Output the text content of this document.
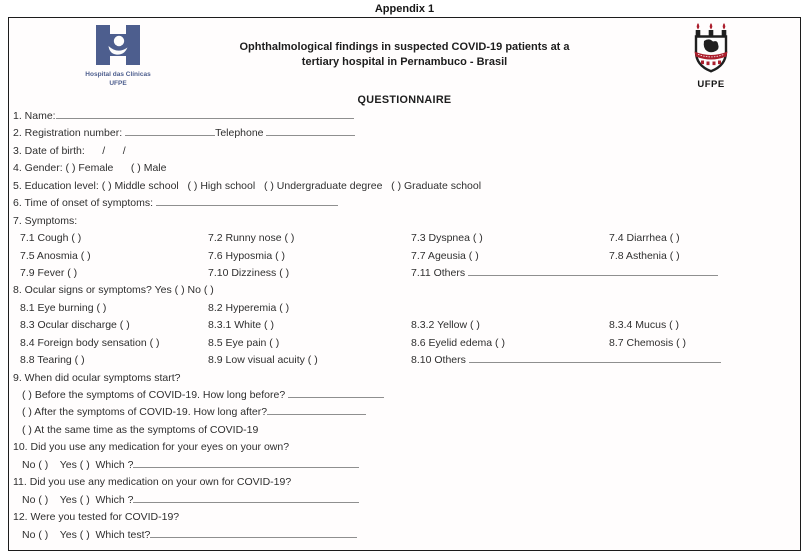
Appendix 1
Hospital das Clínicas
UFPE
Ophthalmological findings in suspected COVID-19 patients at a
tertiary hospital in Pernambuco - Brasil
UFPE
QUESTIONNAIRE
1. Name:
2. Registration number:	Telephone
3. Date of birth:      /      /
4. Gender: ( ) Female      ( ) Male
5. Education level: ( ) Middle school   ( ) High school   ( ) Undergraduate degree   ( ) Graduate school
6. Time of onset of symptoms:
7. Symptoms:
7.1 Cough ( )	7.2 Runny nose ( )	7.3 Dyspnea ( )	7.4 Diarrhea ( )
7.5 Anosmia ( )	7.6 Hyposmia ( )	7.7 Ageusia ( )	7.8 Asthenia ( )
7.9 Fever ( )	7.10 Dizziness ( )	7.11 Others
8. Ocular signs or symptoms? Yes ( ) No ( )
8.1 Eye burning ( )	8.2 Hyperemia ( )
8.3 Ocular discharge ( )	8.3.1 White ( )	8.3.2 Yellow ( )	8.3.4 Mucus ( )
8.4 Foreign body sensation ( )	8.5 Eye pain ( )	8.6 Eyelid edema ( )	8.7 Chemosis ( )
8.8 Tearing ( )	8.9 Low visual acuity ( )	8.10 Others
9. When did ocular symptoms start?
( ) Before the symptoms of COVID-19. How long before?
( ) After the symptoms of COVID-19. How long after?
( ) At the same time as the symptoms of COVID-19
10. Did you use any medication for your eyes on your own?
No ( )    Yes ( )  Which ?
11. Did you use any medication on your own for COVID-19?
No ( )    Yes ( )  Which ?
12. Were you tested for COVID-19?
No ( )    Yes ( )  Which test?
